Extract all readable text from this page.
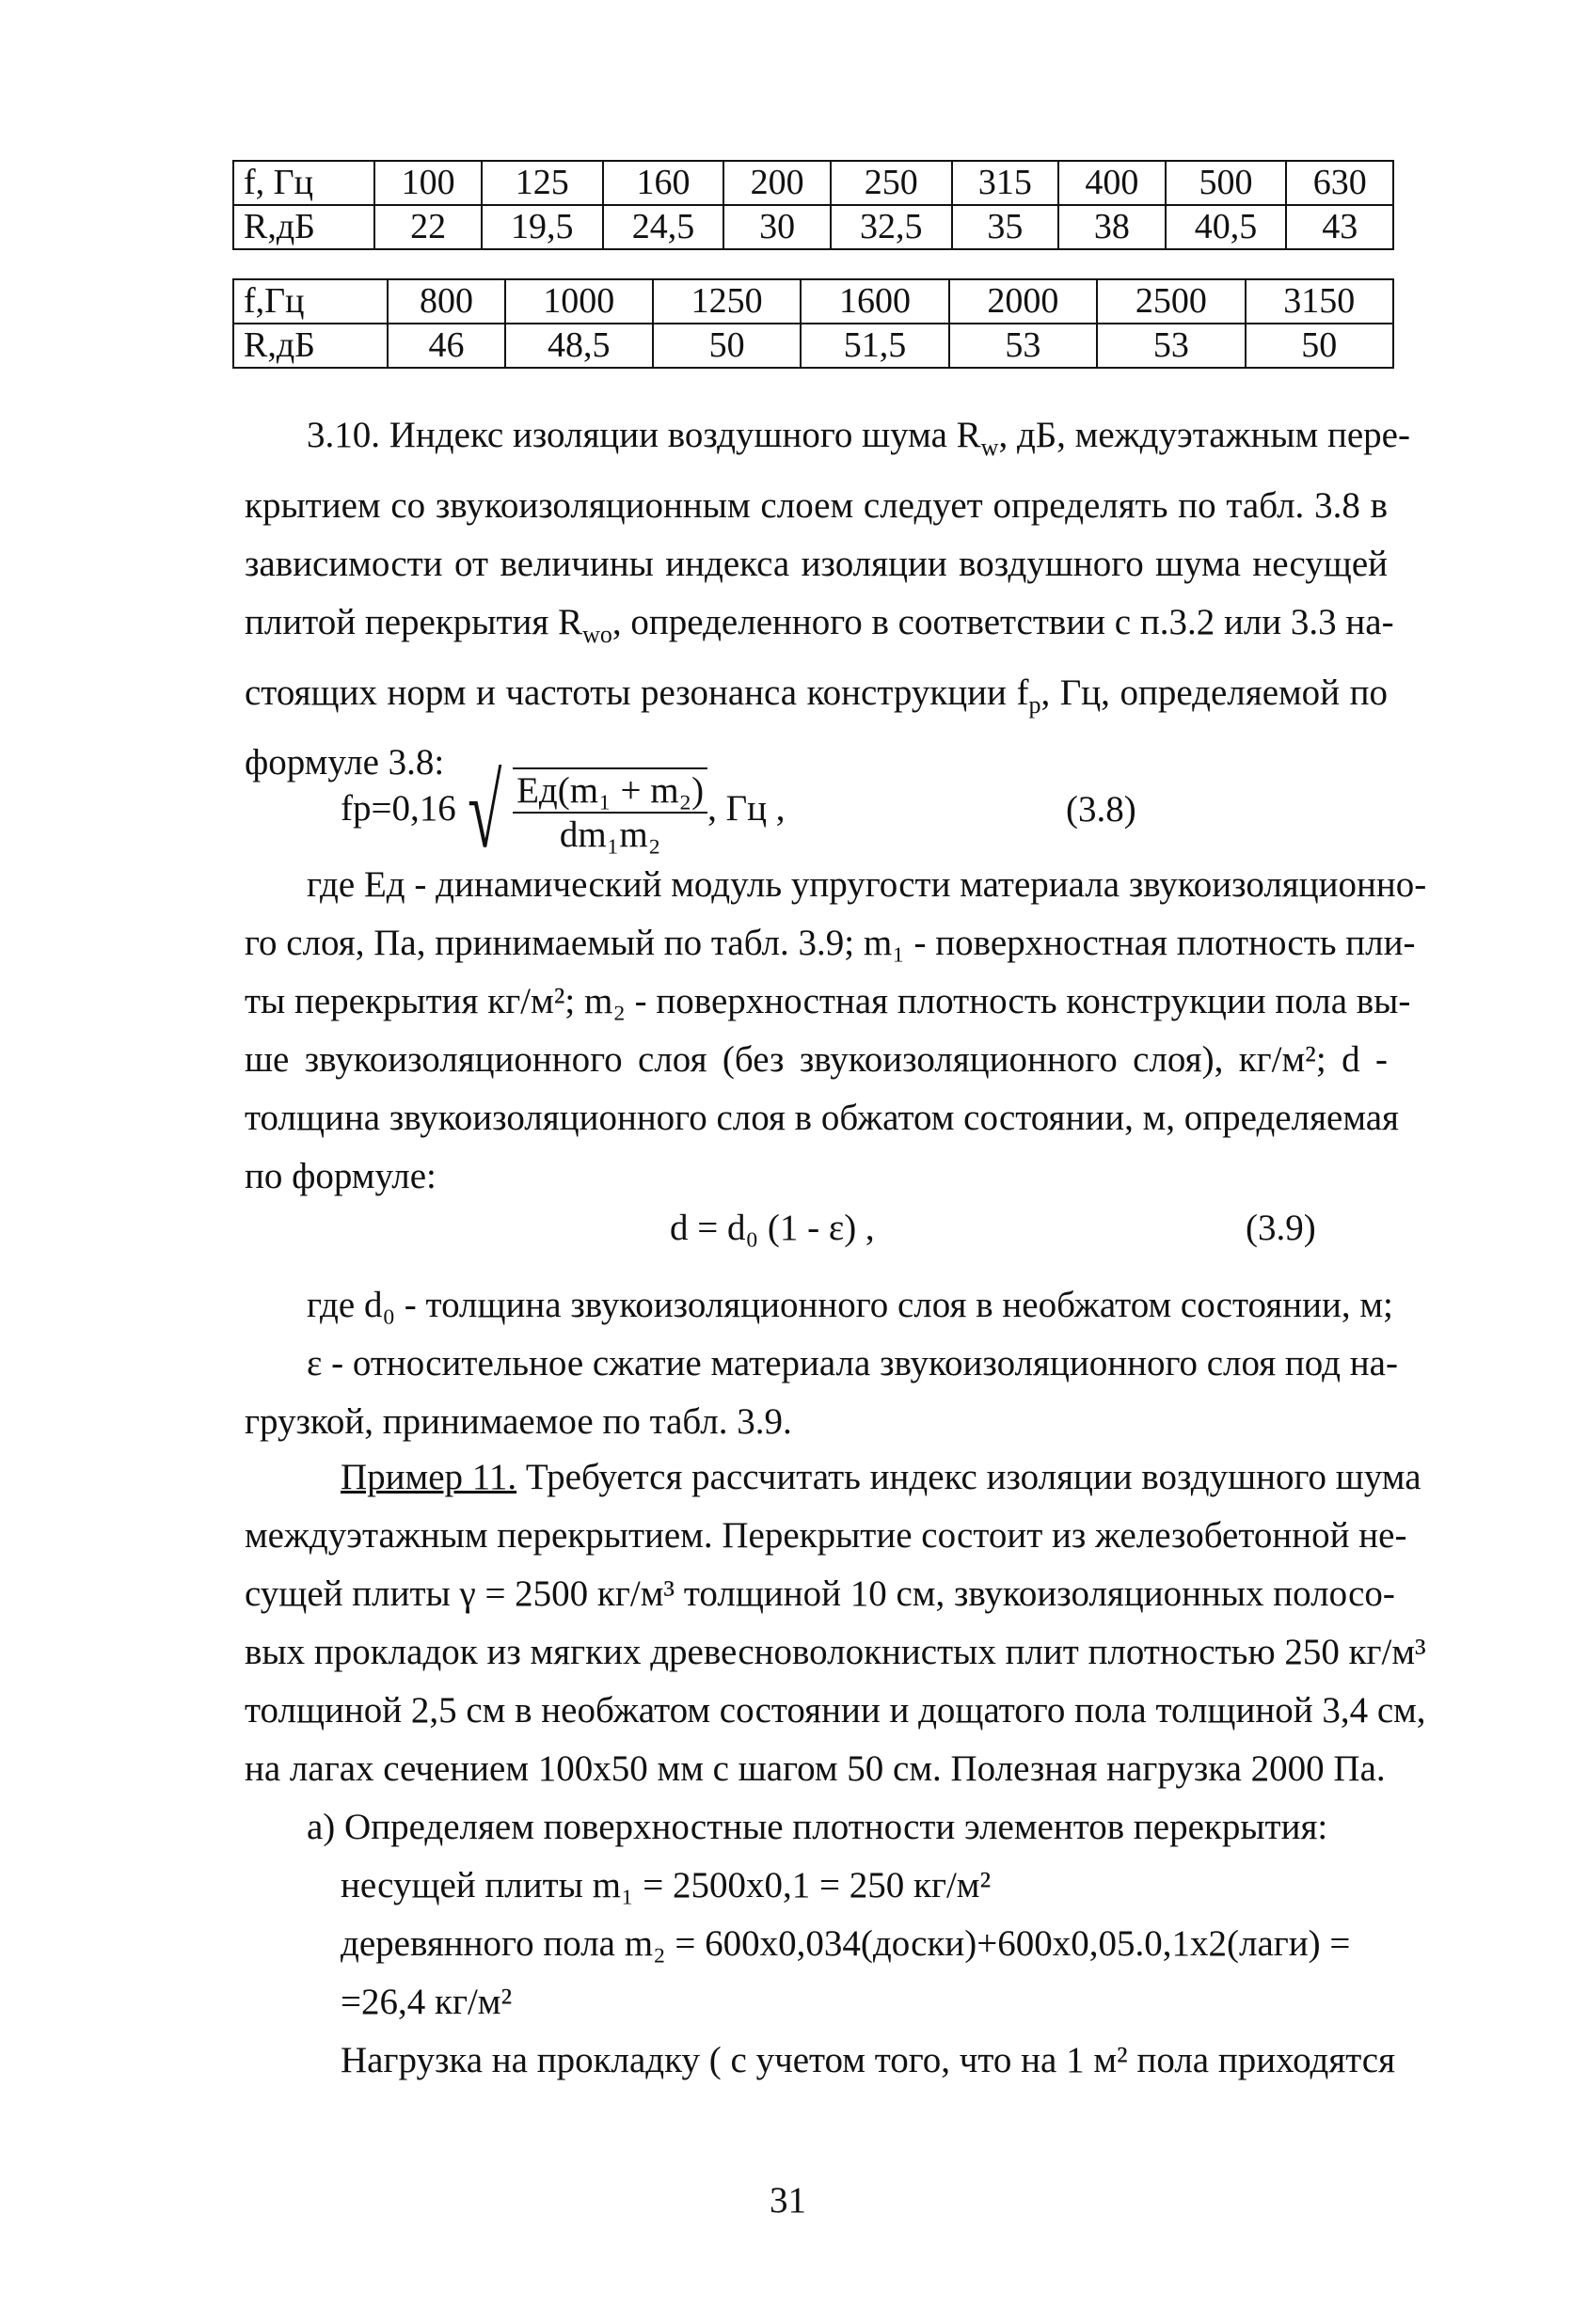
f, Гц	100	125	160	200	250	315	400	500	630
R,дБ	22	19,5	24,5	30	32,5	35	38	40,5	43
f,Гц	800	1000	1250	1600	2000	2500	3150
R,дБ	46	48,5	50	51,5	53	53	50
3.10. Индекс изоляции воздушного шума $R_w$, дБ, междуэтажным пере-
крытием со звукоизоляционным слоем следует определять по табл. 3.8 в
зависимости от величины индекса изоляции воздушного шума несущей
плитой перекрытия $R_{wo}$, определенного в соответствии с п.3.2 или 3.3 на-
стоящих норм и частоты резонанса конструкции $f_р$, Гц, определяемой по
формуле 3.8:
fр=0,16 √ $\frac{\text{Eд(m₁ + m₂)}}{\text{dm₁m₂}}$ , Гц ,	(3.8)
где Eд - динамический модуль упругости материала звукоизоляционно-
го слоя, Па, принимаемый по табл. 3.9; m₁ - поверхностная плотность пли-
ты перекрытия кг/м²; m₂ - поверхностная плотность конструкции пола вы-
ше звукоизоляционного слоя (без звукоизоляционного слоя), кг/м²; d -
толщина звукоизоляционного слоя в обжатом состоянии, м, определяемая
по формуле:
d = d₀ (1 - ε) ,	(3.9)
где d₀ - толщина звукоизоляционного слоя в необжатом состоянии, м;
ε - относительное сжатие материала звукоизоляционного слоя под на-
грузкой, принимаемое по табл. 3.9.
Пример 11. Требуется рассчитать индекс изоляции воздушного шума
междуэтажным перекрытием. Перекрытие состоит из железобетонной не-
сущей плиты γ = 2500 кг/м³ толщиной 10 см, звукоизоляционных полосо-
вых прокладок из мягких древесноволокнистых плит плотностью 250 кг/м³
толщиной 2,5 см в необжатом состоянии и дощатого пола толщиной 3,4 см,
на лагах сечением 100х50 мм с шагом 50 см. Полезная нагрузка 2000 Па.
а) Определяем поверхностные плотности элементов перекрытия:
несущей плиты m₁ = 2500х0,1 = 250 кг/м²
деревянного пола m₂ = 600х0,034(доски)+600х0,05.0,1х2(лаги) =
=26,4 кг/м²
Нагрузка на прокладку ( с учетом того, что на 1 м² пола приходятся
31
